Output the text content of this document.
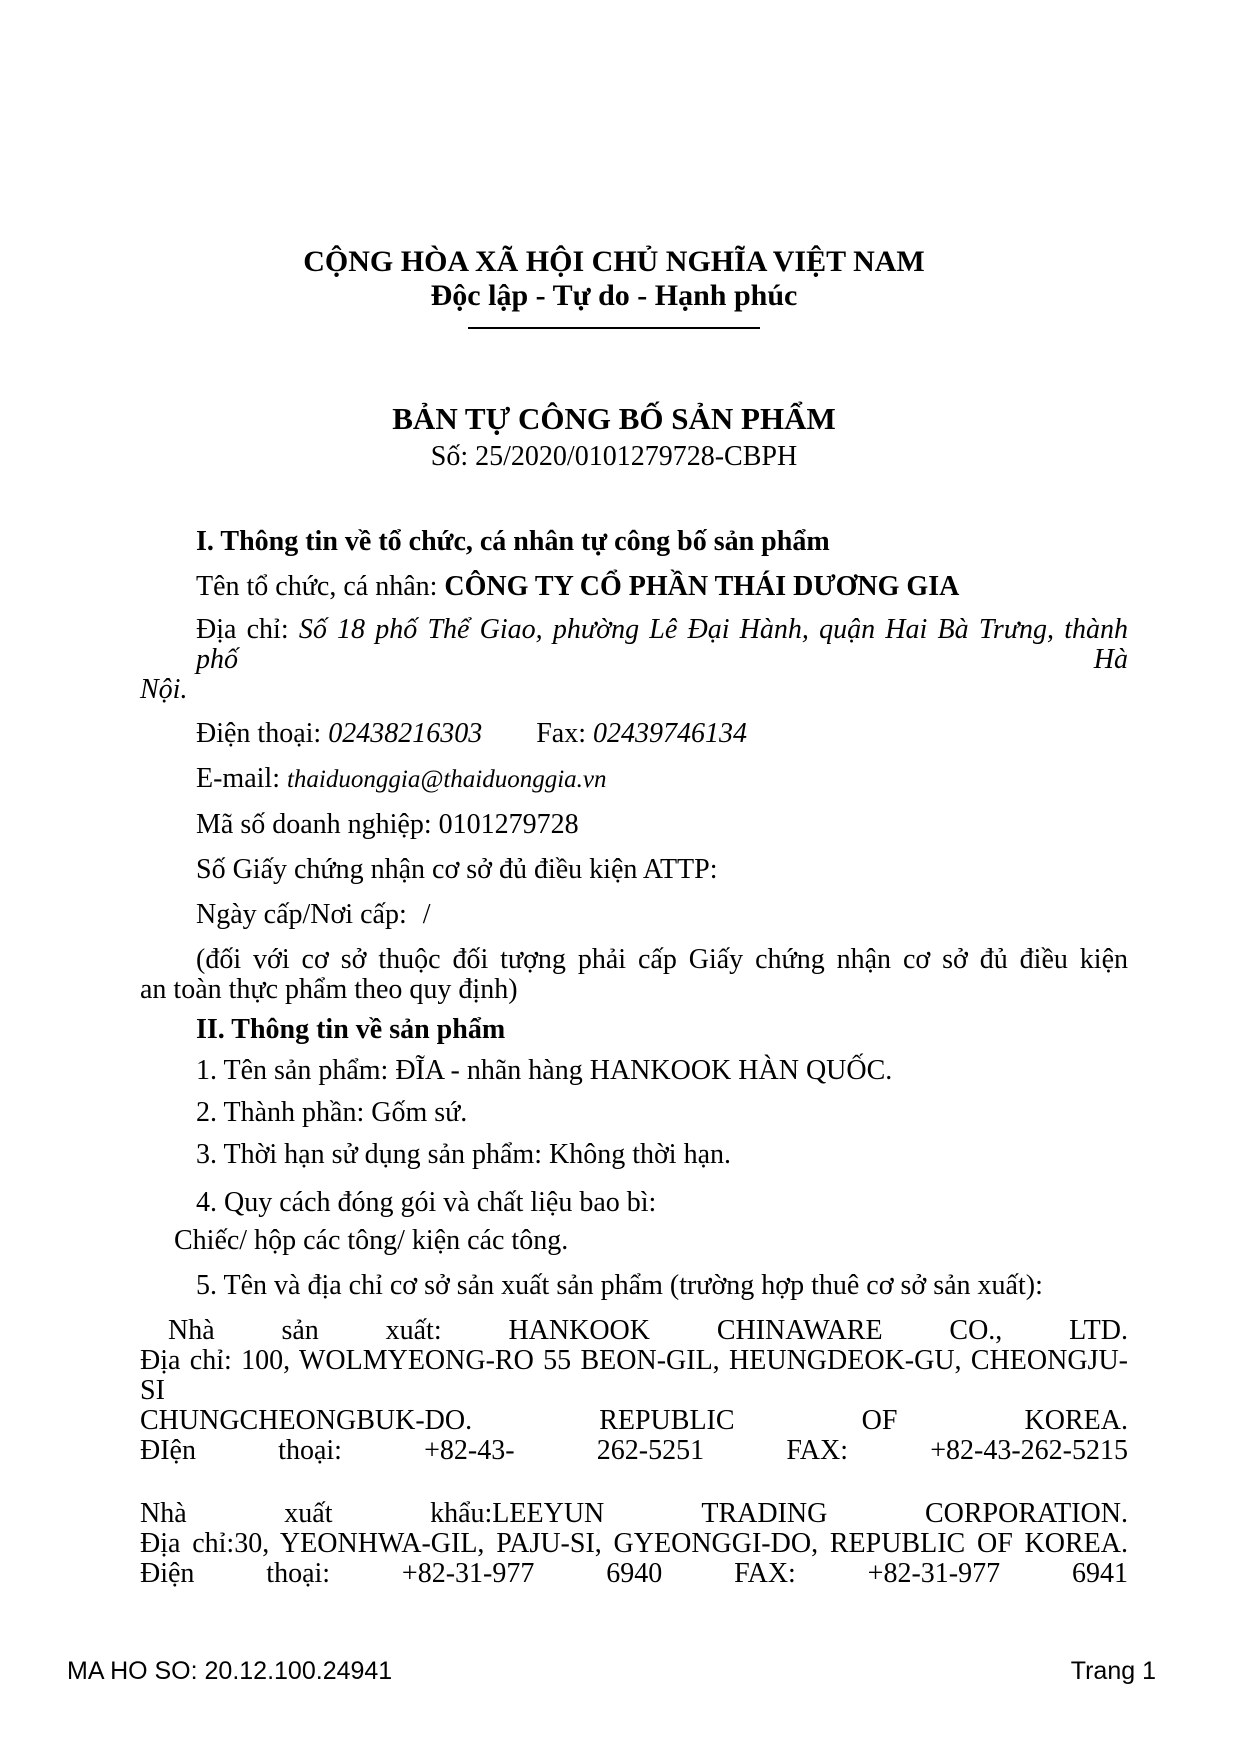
CỘNG HÒA XÃ HỘI CHỦ NGHĨA VIỆT NAM
Độc lập - Tự do - Hạnh phúc
BẢN TỰ CÔNG BỐ SẢN PHẨM
Số: 25/2020/0101279728-CBPH
I. Thông tin về tổ chức, cá nhân tự công bố sản phẩm
Tên tổ chức, cá nhân: CÔNG TY CỔ PHẦN THÁI DƯƠNG GIA
Địa chỉ: Số 18 phố Thể Giao, phường Lê Đại Hành, quận Hai Bà Trưng, thành phố Hà
Nội.
Điện thoại: 02438216303 Fax: 02439746134
E-mail: thaiduonggia@thaiduonggia.vn
Mã số doanh nghiệp: 0101279728
Số Giấy chứng nhận cơ sở đủ điều kiện ATTP:
Ngày cấp/Nơi cấp: /
(đối với cơ sở thuộc đối tượng phải cấp Giấy chứng nhận cơ sở đủ điều kiện
an toàn thực phẩm theo quy định)
II. Thông tin về sản phẩm
1. Tên sản phẩm: ĐĨA - nhãn hàng HANKOOK HÀN QUỐC.
2. Thành phần: Gốm sứ.
3. Thời hạn sử dụng sản phẩm: Không thời hạn.
4. Quy cách đóng gói và chất liệu bao bì:
Chiếc/ hộp các tông/ kiện các tông.
5. Tên và địa chỉ cơ sở sản xuất sản phẩm (trường hợp thuê cơ sở sản xuất):
Nhà sản xuất: HANKOOK CHINAWARE CO., LTD.
Địa chỉ: 100, WOLMYEONG-RO 55 BEON-GIL, HEUNGDEOK-GU, CHEONGJU-SI
CHUNGCHEONGBUK-DO. REPUBLIC OF KOREA.
ĐIện thoại: +82-43- 262-5251 FAX: +82-43-262-5215
Nhà xuất khẩu:LEEYUN TRADING CORPORATION.
Địa chỉ:30, YEONHWA-GIL, PAJU-SI, GYEONGGI-DO, REPUBLIC OF KOREA.
Điện thoại: +82-31-977 6940 FAX: +82-31-977 6941
MA HO SO: 20.12.100.24941	Trang 1
